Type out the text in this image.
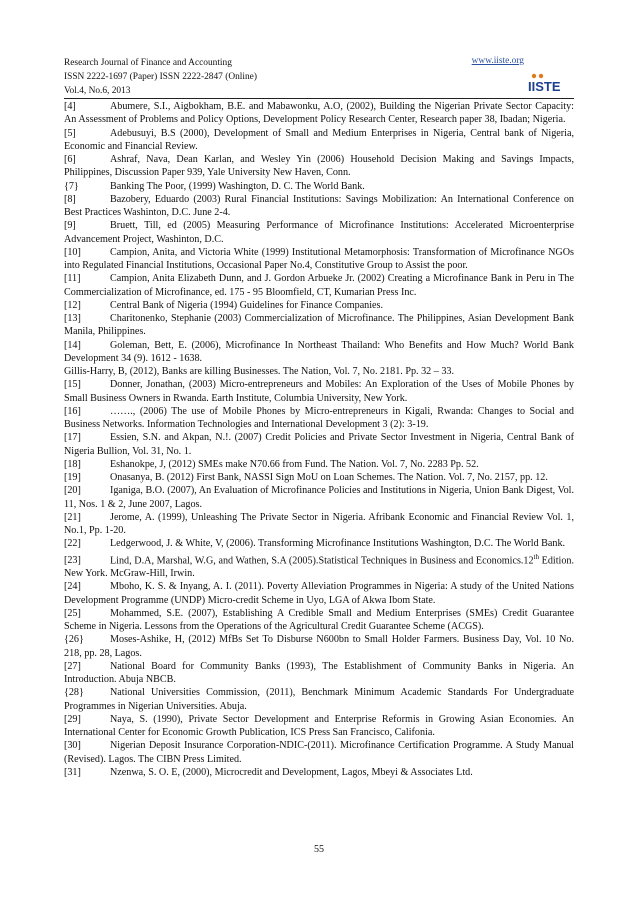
Research Journal of Finance and Accounting
ISSN 2222-1697 (Paper) ISSN 2222-2847 (Online)
Vol.4, No.6, 2013
www.iiste.org
IISTE

[4]	Abumere, S.I., Aigbokham, B.E. and Mabawonku, A.O, (2002), Building the Nigerian Private Sector Capacity: An Assessment of Problems and Policy Options, Development Policy Research Center, Research paper 38, Ibadan; Nigeria.

[5]	Adebusuyi, B.S (2000), Development of Small and Medium Enterprises in Nigeria, Central bank of Nigeria, Economic and Financial Review.

[6]	Ashraf, Nava, Dean Karlan, and Wesley Yin (2006) Household Decision Making and Savings Impacts, Philippines, Discussion Paper 939, Yale University New Haven, Conn.

{7}	Banking The Poor, (1999) Washington, D. C. The World Bank.

[8]	Bazobery, Eduardo (2003) Rural Financial Institutions: Savings Mobilization: An International Conference on Best Practices Washinton, D.C. June 2-4.

[9]	Bruett, Till, ed (2005) Measuring Performance of Microfinance Institutions: Accelerated Microenterprise Advancement Project, Washinton, D.C.

[10]	Campion, Anita, and Victoria White (1999) Institutional Metamorphosis: Transformation of Microfinance NGOs into Regulated Financial Institutions, Occasional Paper No.4, Constitutive Group to Assist the poor.

[11]	Campion, Anita Elizabeth Dunn, and J. Gordon Arbueke Jr. (2002) Creating a Microfinance Bank in Peru in The Commercialization of Microfinance, ed. 175 - 95 Bloomfield, CT, Kumarian Press Inc.

[12]	Central Bank of Nigeria (1994) Guidelines for Finance Companies.

[13]	Charitonenko, Stephanie (2003) Commercialization of Microfinance. The Philippines, Asian Development Bank Manila, Philippines.

[14]	Goleman, Bett, E. (2006), Microfinance In Northeast Thailand: Who Benefits and How Much? World Bank Development 34 (9). 1612 - 1638.

Gillis-Harry, B, (2012), Banks are killing Businesses. The Nation, Vol. 7, No. 2181. Pp. 32 – 33.

[15]	Donner, Jonathan, (2003) Micro-entrepreneurs and Mobiles: An Exploration of the Uses of Mobile Phones by Small Business Owners in Rwanda. Earth Institute, Columbia University, New York.

[16]	……., (2006) The use of Mobile Phones by Micro-entrepreneurs in Kigali, Rwanda: Changes to Social and Business Networks. Information Technologies and International Development 3 (2): 3-19.

[17]	Essien, S.N. and Akpan, N.!. (2007) Credit Policies and Private Sector Investment in Nigeria, Central Bank of Nigeria Bullion, Vol. 31, No. 1.

[18]	Eshanokpe, J, (2012) SMEs make N70.66 from Fund. The Nation. Vol. 7, No. 2283 Pp. 52.

[19]	Onasanya, B. (2012) First Bank, NASSI Sign MoU on Loan Schemes. The Nation. Vol. 7, No. 2157, pp. 12.

[20]	Iganiga, B.O. (2007), An Evaluation of Microfinance Policies and Institutions in Nigeria, Union Bank Digest, Vol. 11, Nos. 1 & 2, June 2007, Lagos.

[21]	Jerome, A. (1999), Unleashing The Private Sector in Nigeria. Afribank Economic and Financial Review Vol. 1, No.1, Pp. 1-20.

[22]	Ledgerwood, J. & White, V, (2006). Transforming Microfinance Institutions Washington, D.C. The World Bank.

[23]	Lind, D.A, Marshal, W.G, and Wathen, S.A (2005).Statistical Techniques in Business and Economics.12th Edition. New York. McGraw-Hill, Irwin.

[24]	Mboho, K. S. & Inyang, A. I. (2011). Poverty Alleviation Programmes in Nigeria: A study of the United Nations Development Programme (UNDP) Micro-credit Scheme in Uyo, LGA of Akwa Ibom State.

[25]	Mohammed, S.E. (2007), Establishing A Credible Small and Medium Enterprises (SMEs) Credit Guarantee Scheme in Nigeria. Lessons from the Operations of the Agricultural Credit Guarantee Scheme (ACGS).

{26}	Moses-Ashike, H, (2012) MfBs Set To Disburse N600bn to Small Holder Farmers. Business Day, Vol. 10 No. 218, pp. 28, Lagos.

[27]	National Board for Community Banks (1993), The Establishment of Community Banks in Nigeria. An Introduction. Abuja NBCB.

{28}	National Universities Commission, (2011), Benchmark Minimum Academic Standards For Undergraduate Programmes in Nigerian Universities. Abuja.

[29]	Naya, S. (1990), Private Sector Development and Enterprise Reformis in Growing Asian Economies. An International Center for Economic Growth Publication, ICS Press San Francisco, Califonia.

[30]	Nigerian Deposit Insurance Corporation-NDIC-(2011). Microfinance Certification Programme. A Study Manual (Revised). Lagos. The CIBN Press Limited.

[31]	Nzenwa, S. O. E, (2000), Microcredit and Development, Lagos, Mbeyi & Associates Ltd.

55
